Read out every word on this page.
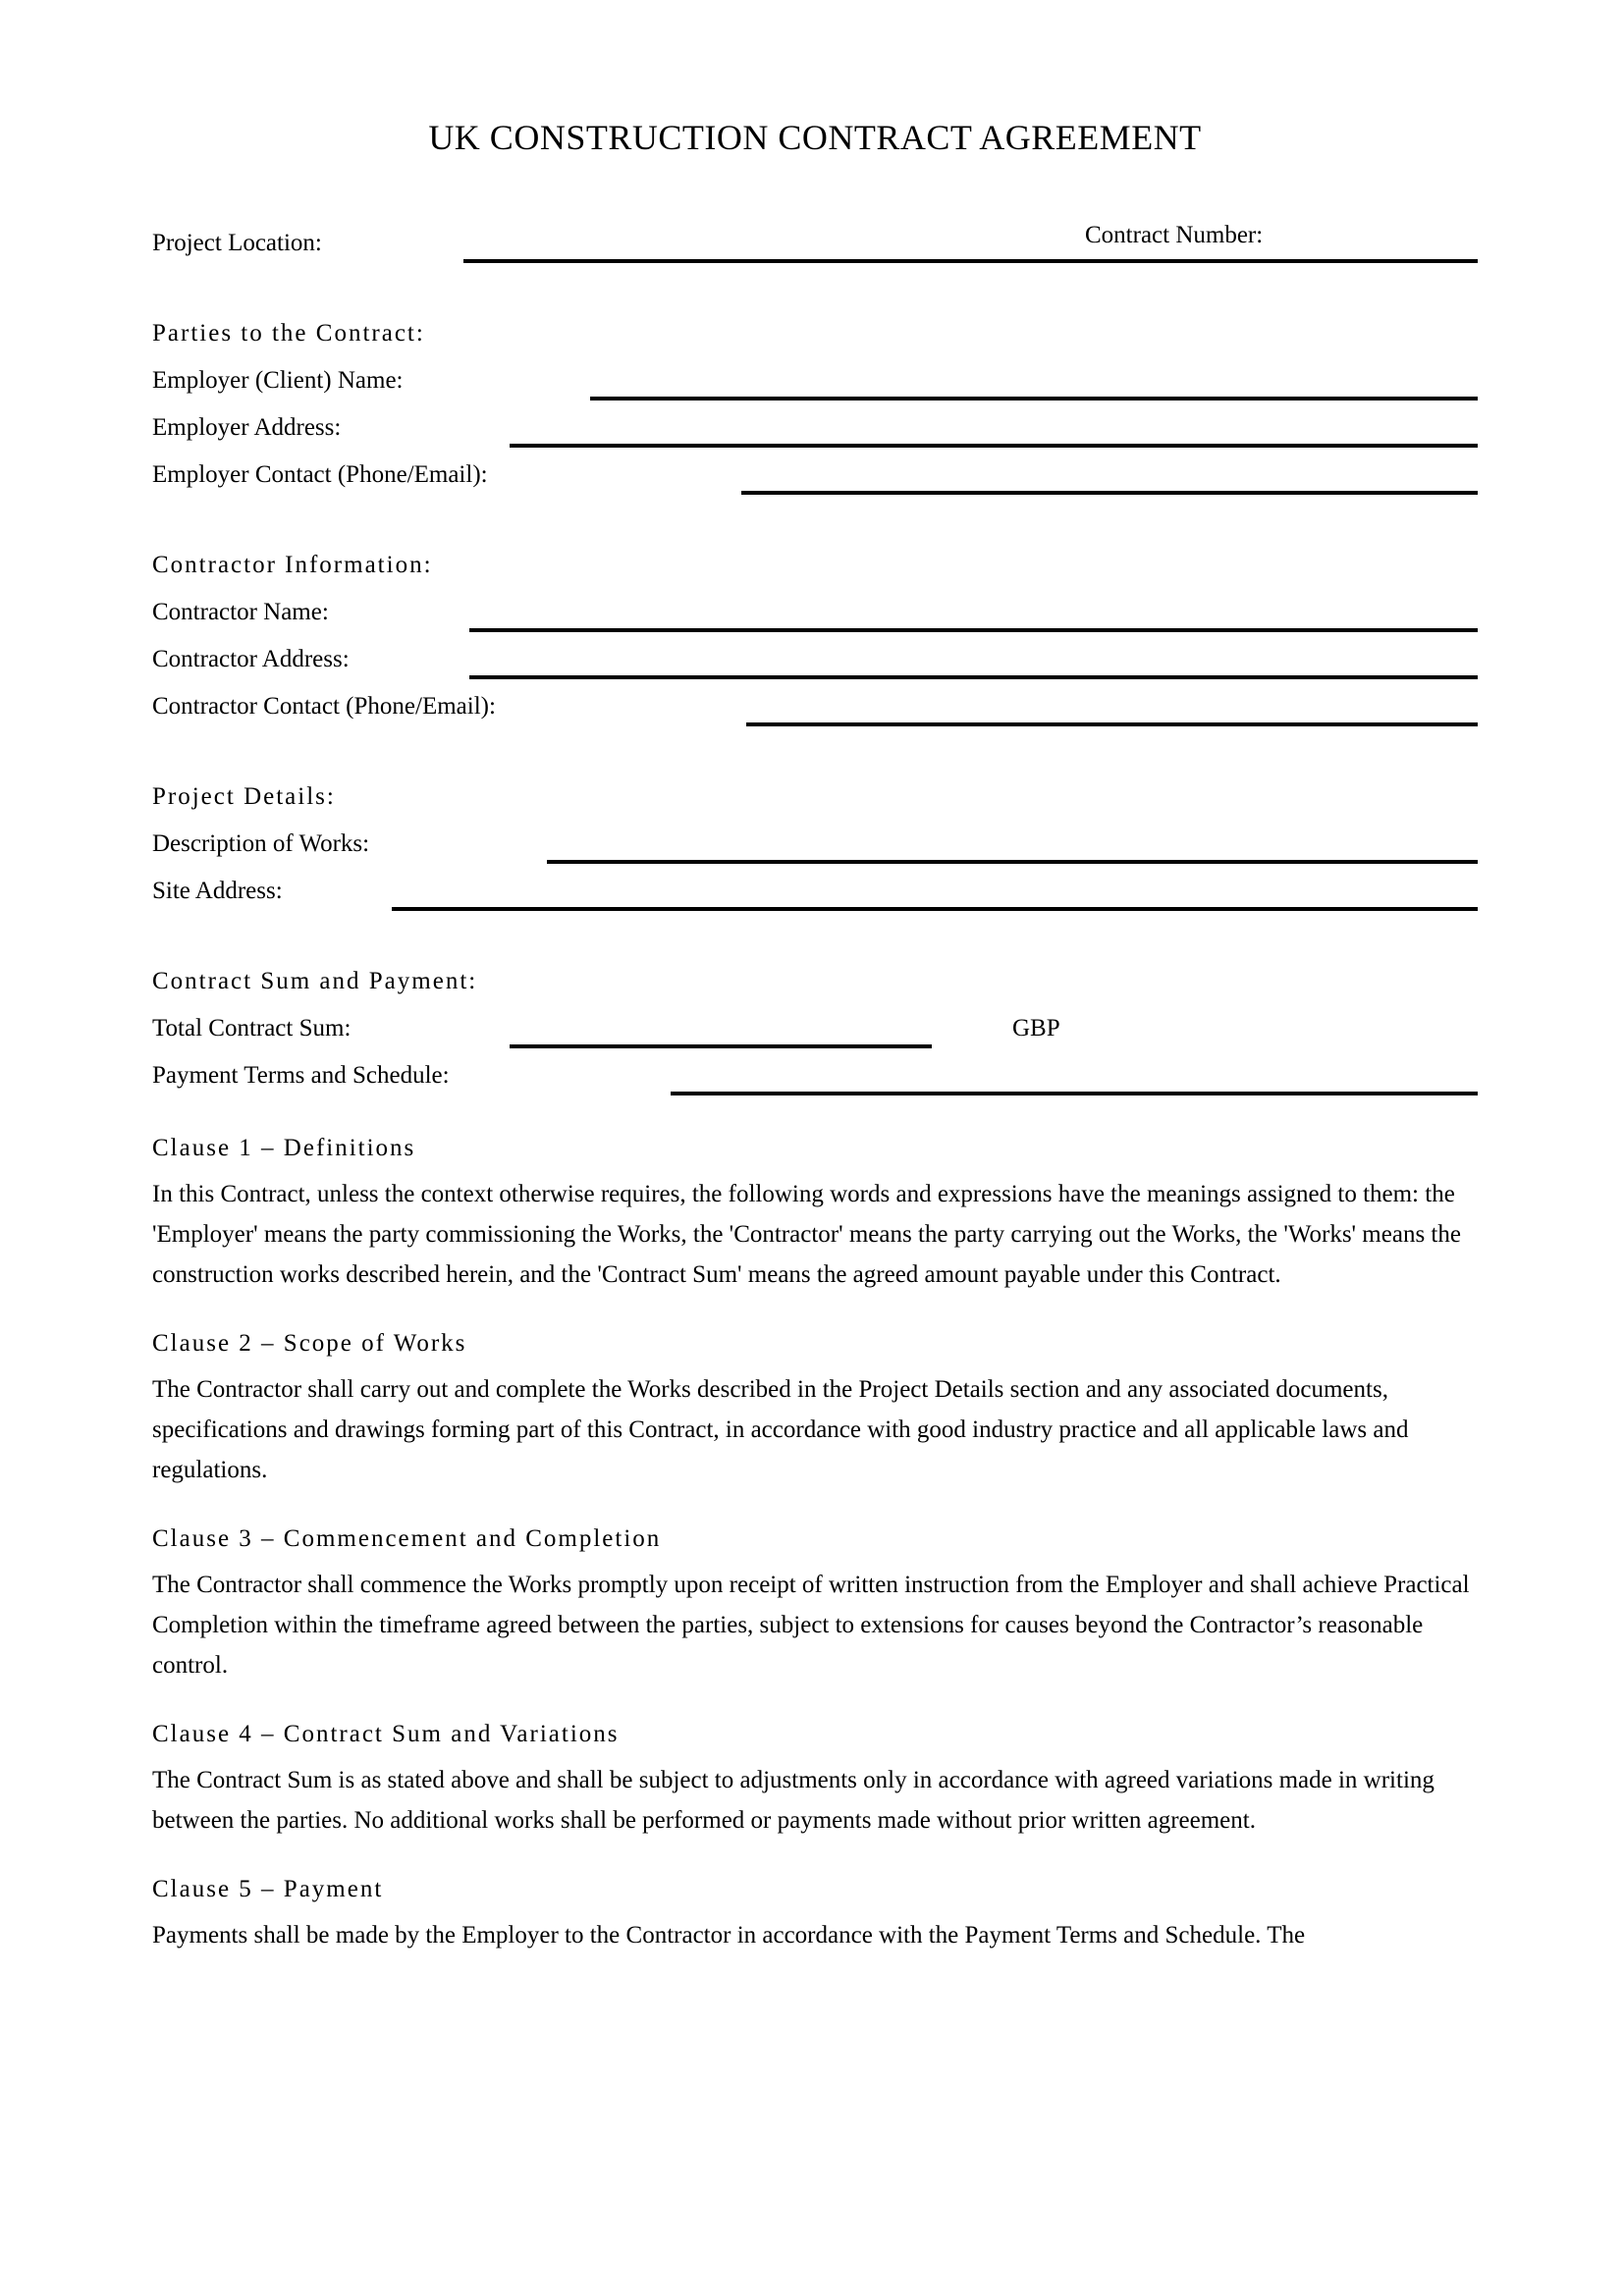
UK CONSTRUCTION CONTRACT AGREEMENT
Project Location:	Contract Number:
Parties to the Contract:
Employer (Client) Name:
Employer Address:
Employer Contact (Phone/Email):
Contractor Information:
Contractor Name:
Contractor Address:
Contractor Contact (Phone/Email):
Project Details:
Description of Works:
Site Address:
Contract Sum and Payment:
Total Contract Sum:	GBP
Payment Terms and Schedule:
Clause 1 – Definitions

In this Contract, unless the context otherwise requires, the following words and expressions have the meanings assigned to them: the 'Employer' means the party commissioning the Works, the 'Contractor' means the party carrying out the Works, the 'Works' means the construction works described herein, and the 'Contract Sum' means the agreed amount payable under this Contract.

Clause 2 – Scope of Works

The Contractor shall carry out and complete the Works described in the Project Details section and any associated documents, specifications and drawings forming part of this Contract, in accordance with good industry practice and all applicable laws and regulations.

Clause 3 – Commencement and Completion

The Contractor shall commence the Works promptly upon receipt of written instruction from the Employer and shall achieve Practical Completion within the timeframe agreed between the parties, subject to extensions for causes beyond the Contractor’s reasonable control.

Clause 4 – Contract Sum and Variations

The Contract Sum is as stated above and shall be subject to adjustments only in accordance with agreed variations made in writing between the parties. No additional works shall be performed or payments made without prior written agreement.

Clause 5 – Payment

Payments shall be made by the Employer to the Contractor in accordance with the Payment Terms and Schedule. The
